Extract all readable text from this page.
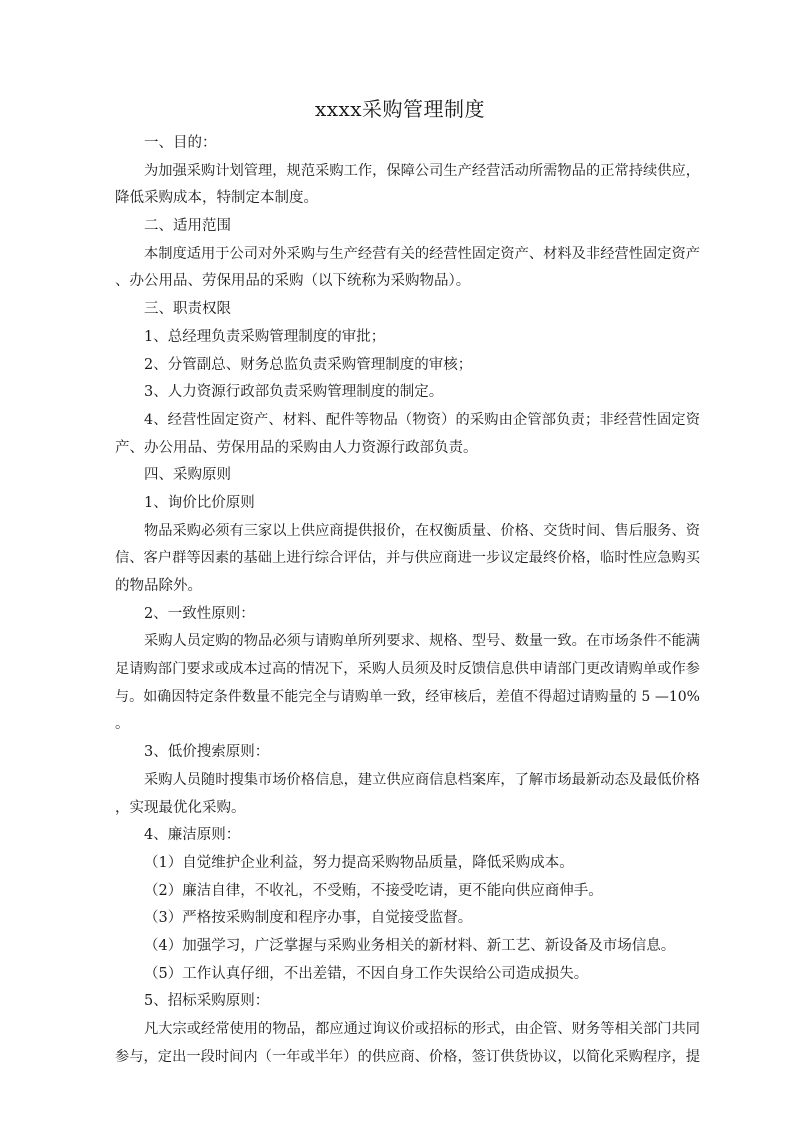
xxxx采购管理制度
一、目的：
为加强采购计划管理，规范采购工作，保障公司生产经营活动所需物品的正常持续供应，
降低采购成本，特制定本制度。
二、适用范围
本制度适用于公司对外采购与生产经营有关的经营性固定资产、材料及非经营性固定资产
、办公用品、劳保用品的采购（以下统称为采购物品）。
三、职责权限
1、总经理负责采购管理制度的审批；
2、分管副总、财务总监负责采购管理制度的审核；
3、人力资源行政部负责采购管理制度的制定。
4、经营性固定资产、材料、配件等物品（物资）的采购由企管部负责；非经营性固定资
产、办公用品、劳保用品的采购由人力资源行政部负责。
四、采购原则
1、询价比价原则
物品采购必须有三家以上供应商提供报价，在权衡质量、价格、交货时间、售后服务、资
信、客户群等因素的基础上进行综合评估，并与供应商进一步议定最终价格，临时性应急购买
的物品除外。
2、一致性原则：
采购人员定购的物品必须与请购单所列要求、规格、型号、数量一致。在市场条件不能满
足请购部门要求或成本过高的情况下，采购人员须及时反馈信息供申请部门更改请购单或作参
与。如确因特定条件数量不能完全与请购单一致，经审核后，差值不得超过请购量的 5 —10%
。
3、低价搜索原则：
采购人员随时搜集市场价格信息，建立供应商信息档案库，了解市场最新动态及最低价格
，实现最优化采购。
4、廉洁原则：
（1）自觉维护企业利益，努力提高采购物品质量，降低采购成本。
（2）廉洁自律，不收礼，不受贿，不接受吃请，更不能向供应商伸手。
（3）严格按采购制度和程序办事，自觉接受监督。
（4）加强学习，广泛掌握与采购业务相关的新材料、新工艺、新设备及市场信息。
（5）工作认真仔细，不出差错，不因自身工作失误给公司造成损失。
5、招标采购原则：
凡大宗或经常使用的物品，都应通过询议价或招标的形式，由企管、财务等相关部门共同
参与，定出一段时间内（一年或半年）的供应商、价格，签订供货协议，以简化采购程序，提
